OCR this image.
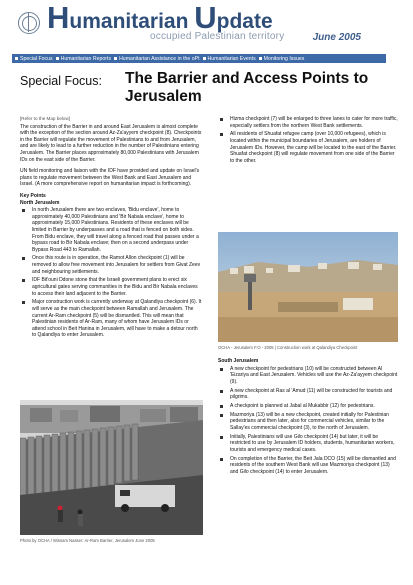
Humanitarian Update
occupied Palestinian territory	June 2005
Special Focus Humanitarian Reports Humanitarian Assistance in the oPt Humanitarian Events Monitoring Issues
Special Focus: The Barrier and Access Points to Jerusalem
[Refer to the Map below]

The construction of the Barrier in and around East Jerusalem is almost complete with the exception of the section around Az-Za'ayyem checkpoint (8). Checkpoints in the Barrier will regulate the movement of Palestinians to and from Jerusalem, and are likely to lead to a further reduction in the number of Palestinians entering Jerusalem. The Barrier places approximately 80,000 Palestinians with Jerusalem IDs on the east side of the Barrier.

UN field monitoring and liaison with the IDF have provided and update on Israel's plans to regulate movement between the West Bank and East Jerusalem and Israel. (A more comprehensive report on humanitarian impact is forthcoming).

Key Points
North Jerusalem
In north Jerusalem there are two enclaves, 'Bidu enclave', home to approximately 40,000 Palestinians and 'Bir Nabala enclave', home to approximately 15,000 Palestinians. Residents of these enclaves will be limited in Barrier by underpasses and a road that is fenced on both sides. From Bidu enclave, they will travel along a fenced road that passes under a bypass road to Bir Nabala enclave; then on a second underpass under Bypass Road 443 to Ramallah.
Once this route is in operation, the Ramot Allon checkpoint (1) will be removed to allow free movement into Jerusalem for settlers from Givat Zeev and neighbouring settlements.
IDF Bit'ouni Ddone stone that the Israeli government plans to erect six agricultural gates serving communities in the Bidu and Bir Nabala enclaves to access their land adjacent to the Barrier.
Major construction work is currently underway at Qalandiya checkpoint (6). It will serve as the main checkpoint between Ramallah and Jerusalem. The current Ar-Ram checkpoint (5) will be dismantled. This will mean that Palestinian residents of Ar-Ram, many of whom have Jerusalem IDs or attend school in Beit Hanina in Jerusalem, will have to make a detour north to Qalandiya to enter Jerusalem.
Photo by OCHA / Wissam Nasser: Ar-Ram Barrier, Jerusalem June 2005
Hizma checkpoint (7) will be enlarged to three lanes to cater for more traffic, especially settlers from the northern West Bank settlements.
All residents of Shuafat refugee camp (over 10,000 refugees), which is located within the municipal boundaries of Jerusalem, are holders of Jerusalem IDs. However, the camp will be located to the east of the Barrier. Shuafat checkpoint (8) will regulate movement from one side of the Barrier to the other.
OCHA - Jerusalem F.O - 2005 | Construction work at Qalandiya Checkpoint
South Jerusalem
A new checkpoint for pedestrians (10) will be constructed between Al 'Eizariya and East Jerusalem. Vehicles will use the Az-Za'ayyem checkpoint (9).
A new checkpoint at Ras al 'Amud (11) will be constructed for tourists and pilgrims.
A checkpoint is planned at Jabal al Mukabbir (12) for pedestrians.
Mazmoriya (13) will be a new checkpoint, created initially for Palestinian pedestrians and then later, also for commercial vehicles, similar to the Sallay'es commercial checkpoint (3), to the north of Jerusalem.
Initially, Palestinians will use Gilo checkpoint (14) but later, it will be restricted to use by Jerusalem ID holders, students, humanitarian workers, tourists and emergency medical cases.
On completion of the Barrier, the Beit Jala DCO (15) will be dismantled and residents of the southern West Bank will use Mazmoriya checkpoint (13) and Gilo checkpoint (14) to enter Jerusalem.
